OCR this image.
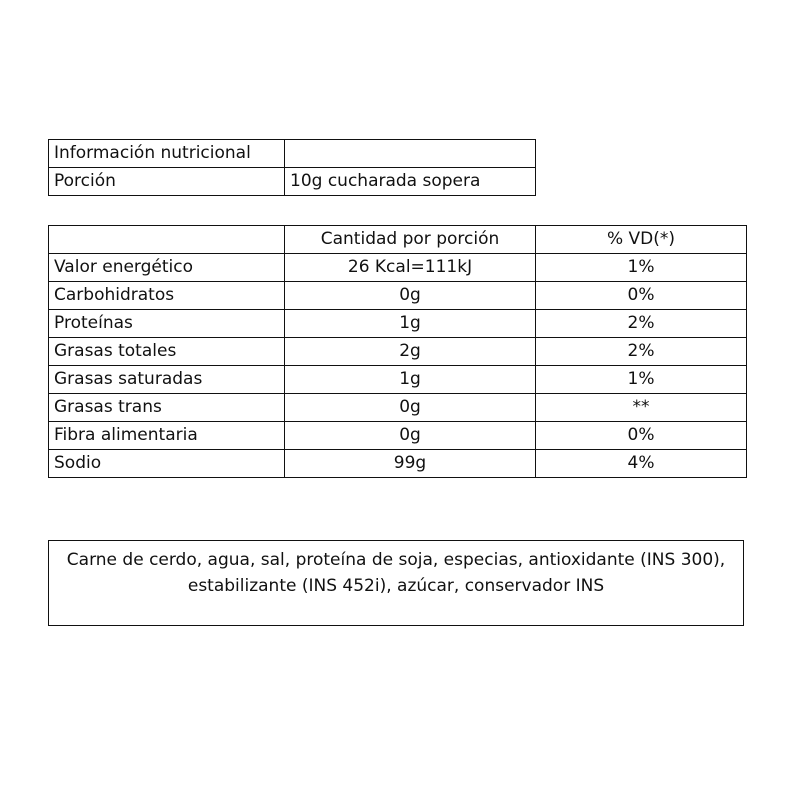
Información nutricional	
Porción	10g cucharada sopera
	Cantidad por porción	% VD(*)
Valor energético	26 Kcal=111kJ	1%
Carbohidratos	0g	0%
Proteínas	1g	2%
Grasas totales	2g	2%
Grasas saturadas	1g	1%
Grasas trans	0g	**
Fibra alimentaria	0g	0%
Sodio	99g	4%
Carne de cerdo, agua, sal, proteína de soja, especias, antioxidante (INS 300),
estabilizante (INS 452i), azúcar, conservador INS
